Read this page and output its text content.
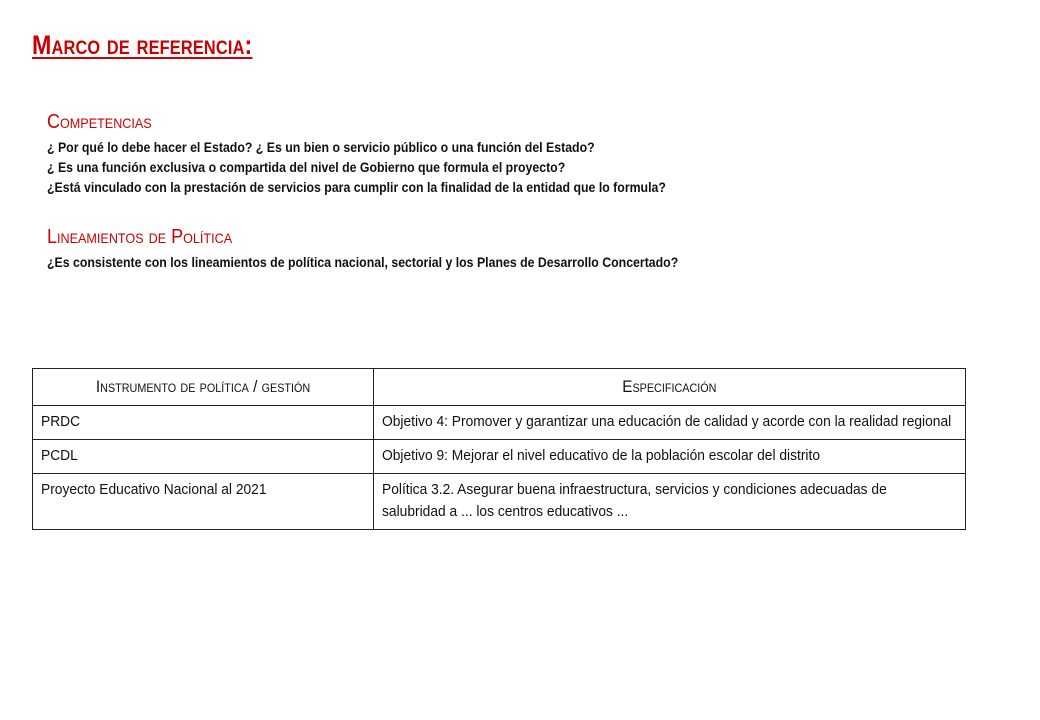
Marco de referencia:
Competencias

¿ Por qué lo debe hacer el Estado? ¿ Es un bien o servicio público o una función del Estado?

¿ Es una función exclusiva o compartida del nivel de Gobierno que formula el proyecto?

¿Está vinculado con la prestación de servicios para cumplir con la finalidad de la entidad que lo formula?

Lineamientos de Política

¿Es consistente con los lineamientos de política nacional, sectorial y los Planes de Desarrollo Concertado?

Instrumento de política / gestión	Especificación

PRDC	Objetivo 4: Promover y garantizar una educación de calidad y acorde con la realidad regional

PCDL	Objetivo 9: Mejorar el nivel educativo de la población escolar del distrito

Proyecto Educativo Nacional al 2021	Política 3.2. Asegurar buena infraestructura, servicios y condiciones adecuadas de salubridad a ... los centros educativos ...
